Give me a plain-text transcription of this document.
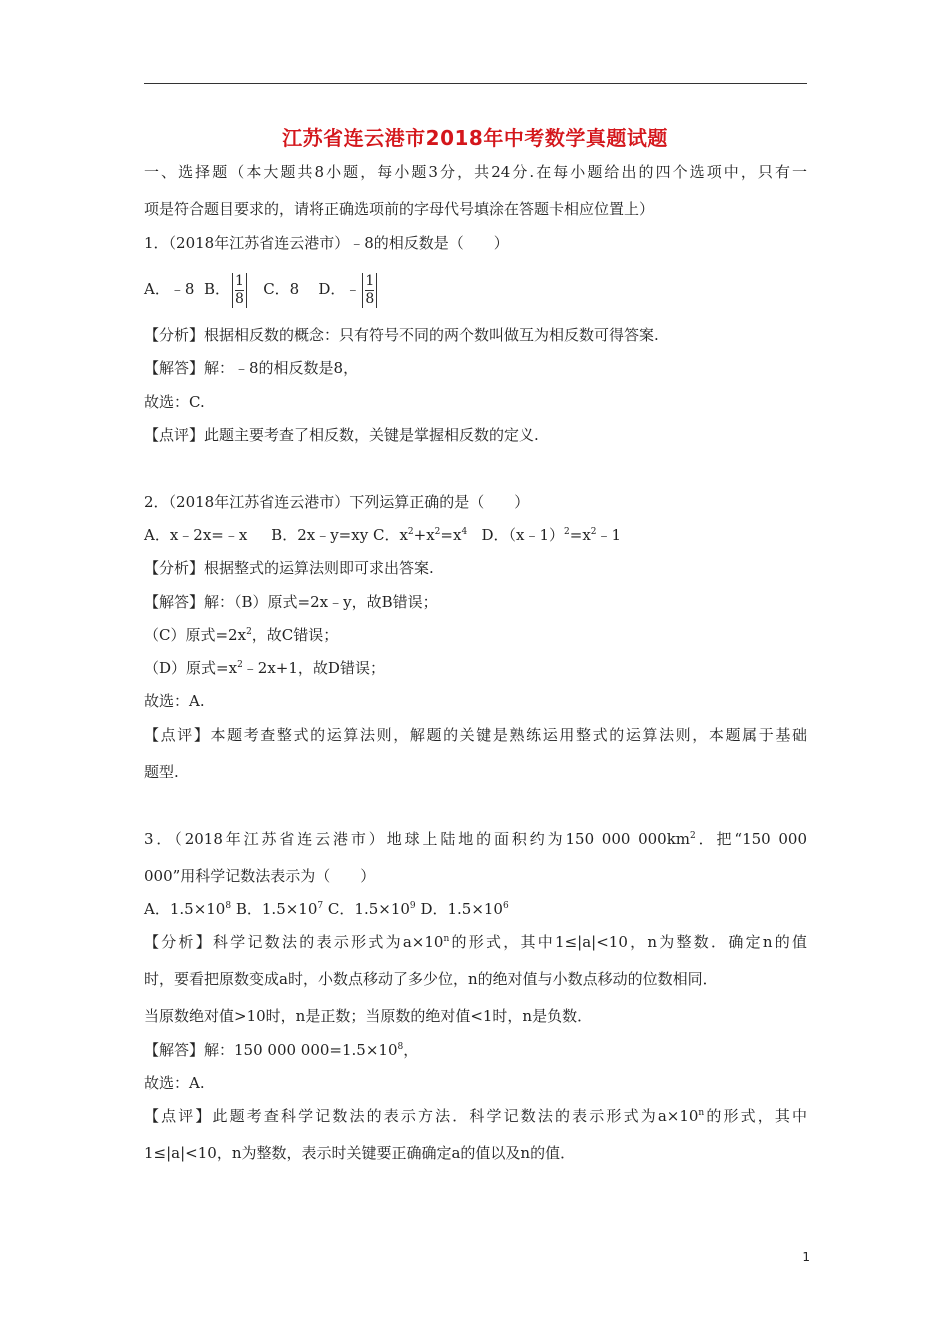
江苏省连云港市2018年中考数学真题试题
一、选择题（本大题共8小题，每小题3分，共24分.在每小题给出的四个选项中，只有一
项是符合题目要求的，请将正确选项前的字母代号填涂在答题卡相应位置上）
1．（2018年江苏省连云港市）﹣8的相反数是（　　）
A．﹣8 B． $\frac{1}{8}$ C．8 D．﹣ $\frac{1}{8}$
【分析】根据相反数的概念：只有符号不同的两个数叫做互为相反数可得答案.
【解答】解：﹣8的相反数是8，
故选：C.
【点评】此题主要考查了相反数，关键是掌握相反数的定义.
2．（2018年江苏省连云港市）下列运算正确的是（　　）
A．x﹣2x=﹣x B．2x﹣y=xy C．$x^2+x^2=x^4$ D．$(x﹣1)^2=x^2﹣1$
【分析】根据整式的运算法则即可求出答案.
【解答】解：（B）原式=2x﹣y，故B错误；
（C）原式$=2x^2$，故C错误；
（D）原式$=x^2﹣2x+1$，故D错误；
故选：A.
【点评】本题考查整式的运算法则，解题的关键是熟练运用整式的运算法则，本题属于基础
题型.
3．（2018年江苏省连云港市）地球上陆地的面积约为150 000 $000km^2$．把“150 000
000”用科学记数法表示为（　　）
A．$1.5\times 10^8$ B．$1.5\times 10^7$ C．$1.5\times 10^9$ D．$1.5\times 10^6$
【分析】科学记数法的表示形式为$a\times 10^n$的形式，其中1≤|a|<10，n为整数．确定n的值
时，要看把原数变成a时，小数点移动了多少位，n的绝对值与小数点移动的位数相同．
当原数绝对值>10时，n是正数；当原数的绝对值<1时，n是负数．
【解答】解：150 000 $000=1.5\times 10^8$，
故选：A.
【点评】此题考查科学记数法的表示方法．科学记数法的表示形式为$a\times 10^n$的形式，其中
1≤|a|<10，n为整数，表示时关键要正确确定a的值以及n的值．
1
